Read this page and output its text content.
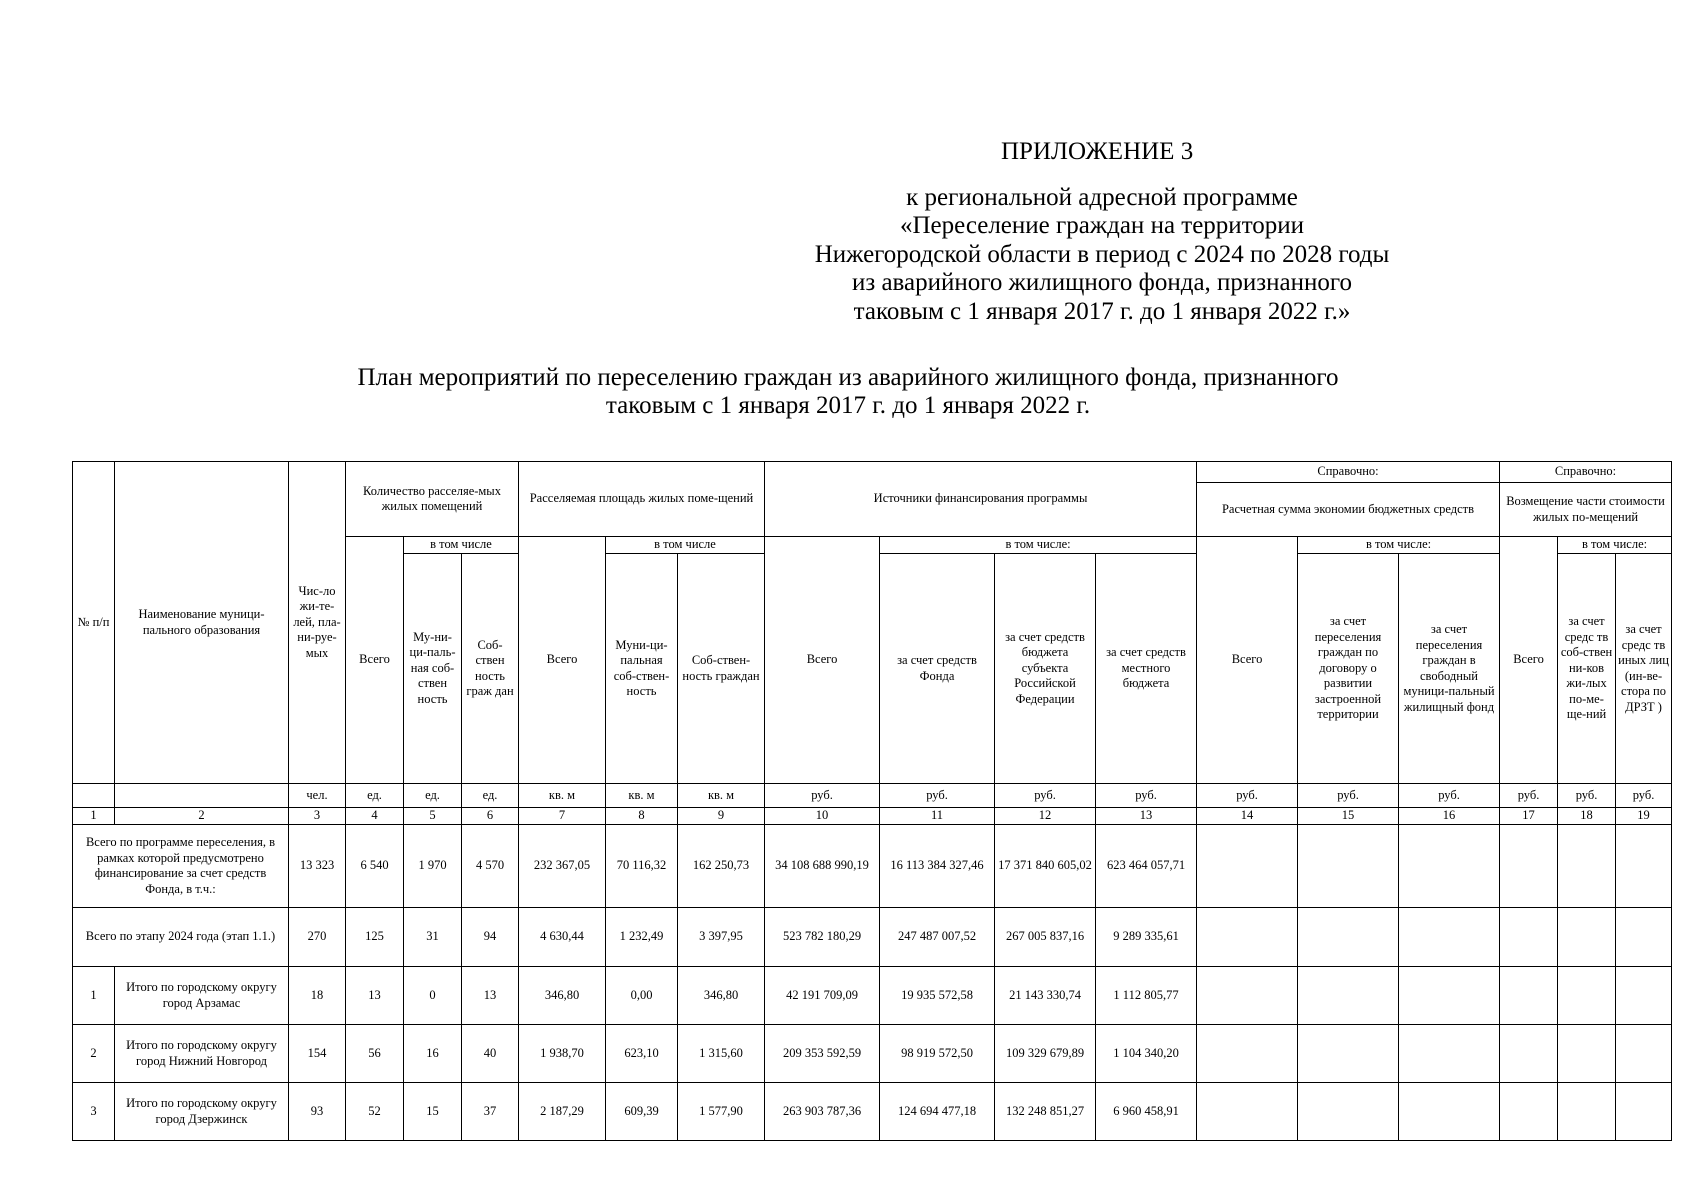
ПРИЛОЖЕНИЕ 3
к региональной адресной программе
«Переселение граждан на территории
Нижегородской области в период с 2024 по 2028 годы
из аварийного жилищного фонда, признанного
таковым с 1 января 2017 г. до 1 января 2022 г.»
План мероприятий по переселению граждан из аварийного жилищного фонда, признанного
таковым с 1 января 2017 г. до 1 января 2022 г.
№ п/п	Наименование муници-пального образования	Чис-ло жи-те-лей, пла-ни-руе-мых	Количество расселяе-мых жилых помещений			Расселяемая площадь жилых поме-щений			Источники финансирования программы				Справочно:			Справочно:		
													Расчетная сумма экономии бюджетных средств			Возмещение части стоимости жилых по-мещений		

			Всего	в том числе		Всего	в том числе		Всего	в том числе:			Всего	в том числе:		Всего	в том числе:	
				Му-ни-ци-паль-ная соб-ствен ность	Соб-ствен ность граж дан		Муни-ци-пальная соб-ствен-ность	Соб-ствен-ность граждан		за счет средств Фонда	за счет средств бюджета субъекта Российской Федерации	за счет средств местного бюджета		за счет переселения граждан по договору о развитии застроенной территории	за счет переселения граждан в свободный муници-пальный жилищный фонд		за счет средс тв соб-ствен ни-ков жи-лых по-ме-ще-ний	за счет средс тв иных лиц (ин-ве-стора по ДРЗТ )
		чел.	ед.	ед.	ед.	кв. м	кв. м	кв. м	руб.	руб.	руб.	руб.	руб.	руб.	руб.	руб.	руб.	руб.
1	2	3	4	5	6	7	8	9	10	11	12	13	14	15	16	17	18	19
Всего по программе переселения, в рамках которой предусмотрено финансирование за счет средств Фонда, в т.ч.:		13 323	6 540	1 970	4 570	232 367,05	70 116,32	162 250,73	34 108 688 990,19	16 113 384 327,46	17 371 840 605,02	623 464 057,71						
Всего по этапу 2024 года (этап 1.1.)		270	125	31	94	4 630,44	1 232,49	3 397,95	523 782 180,29	247 487 007,52	267 005 837,16	9 289 335,61						
1	Итого по городскому округу город Арзамас	18	13	0	13	346,80	0,00	346,80	42 191 709,09	19 935 572,58	21 143 330,74	1 112 805,77						
2	Итого по городскому округу город Нижний Новгород	154	56	16	40	1 938,70	623,10	1 315,60	209 353 592,59	98 919 572,50	109 329 679,89	1 104 340,20						
3	Итого по городскому округу город Дзержинск	93	52	15	37	2 187,29	609,39	1 577,90	263 903 787,36	124 694 477,18	132 248 851,27	6 960 458,91						
